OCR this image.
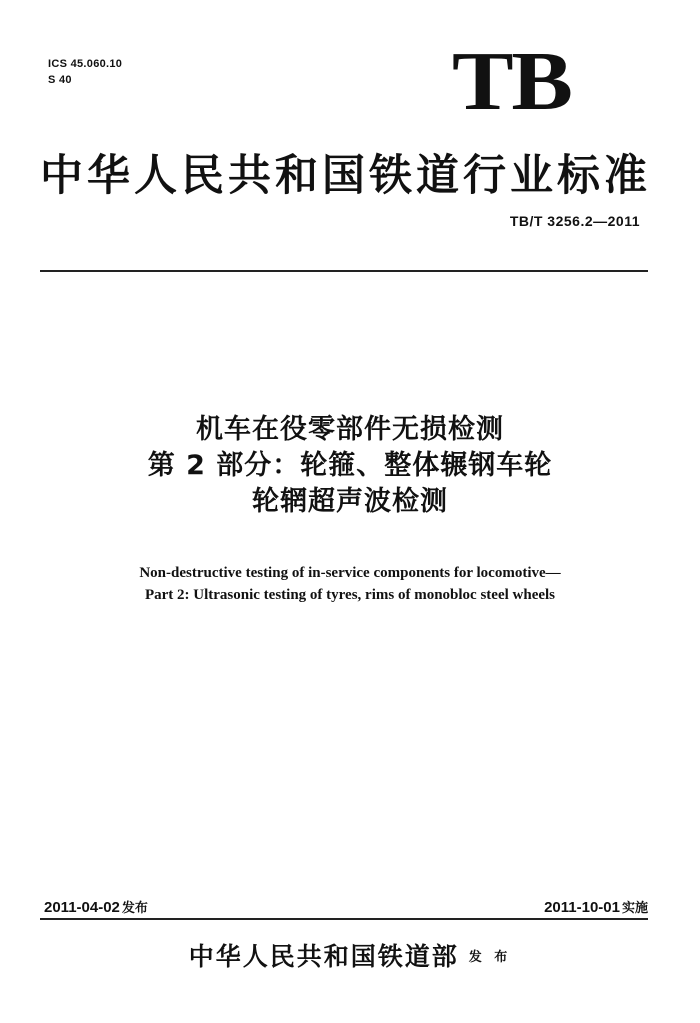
ICS 45.060.10
S 40	TB
中华人民共和国铁道行业标准
TB/T 3256.2—2011
机车在役零部件无损检测
第 2 部分：轮箍、整体辗钢车轮
轮辋超声波检测
Non-destructive testing of in-service components for locomotive—
Part 2: Ultrasonic testing of tyres, rims of monobloc steel wheels
2011-04-02 发布	2011-10-01 实施
中华人民共和国铁道部 发 布
